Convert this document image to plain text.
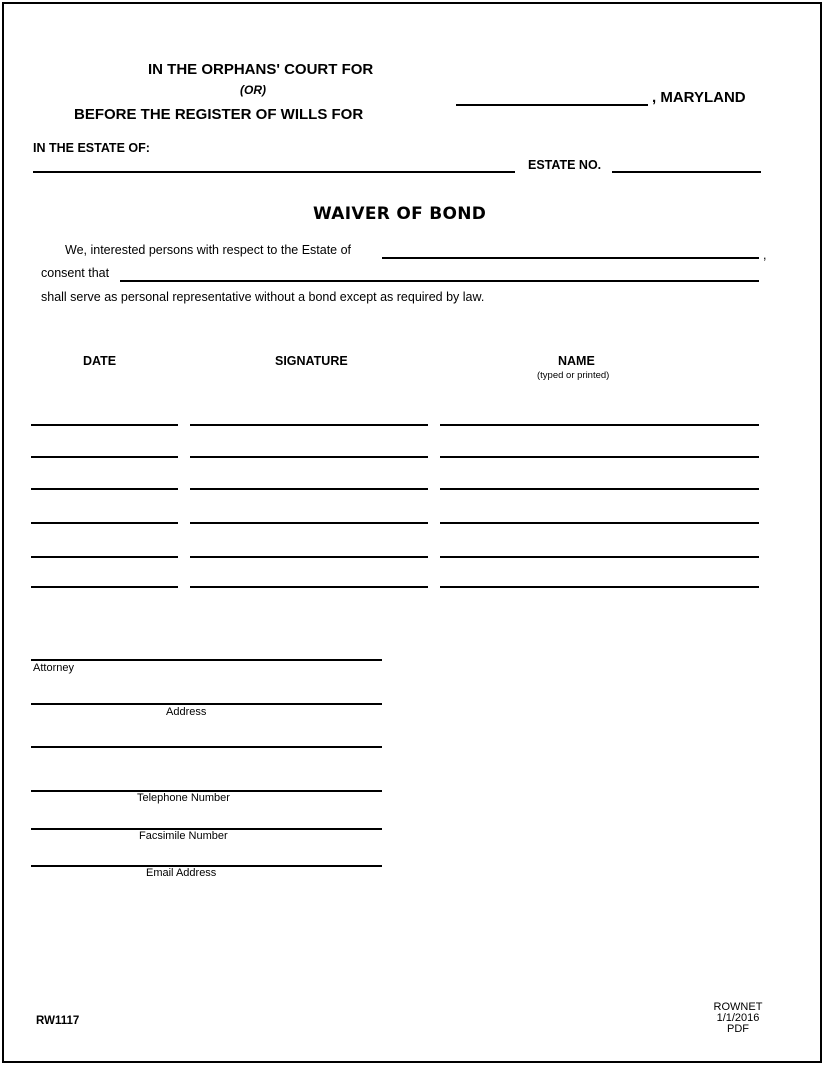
IN THE ORPHANS' COURT FOR
(OR)
BEFORE THE REGISTER OF WILLS FOR
, MARYLAND
IN THE ESTATE OF:
ESTATE NO.
WAIVER OF BOND
We, interested persons with respect to the Estate of	,
consent that
shall serve as personal representative without a bond except as required by law.
DATE	SIGNATURE	NAME
(typed or printed)
Attorney
Address
Telephone Number
Facsimile Number
Email Address
RW1117
ROWNET
1/1/2016
PDF
